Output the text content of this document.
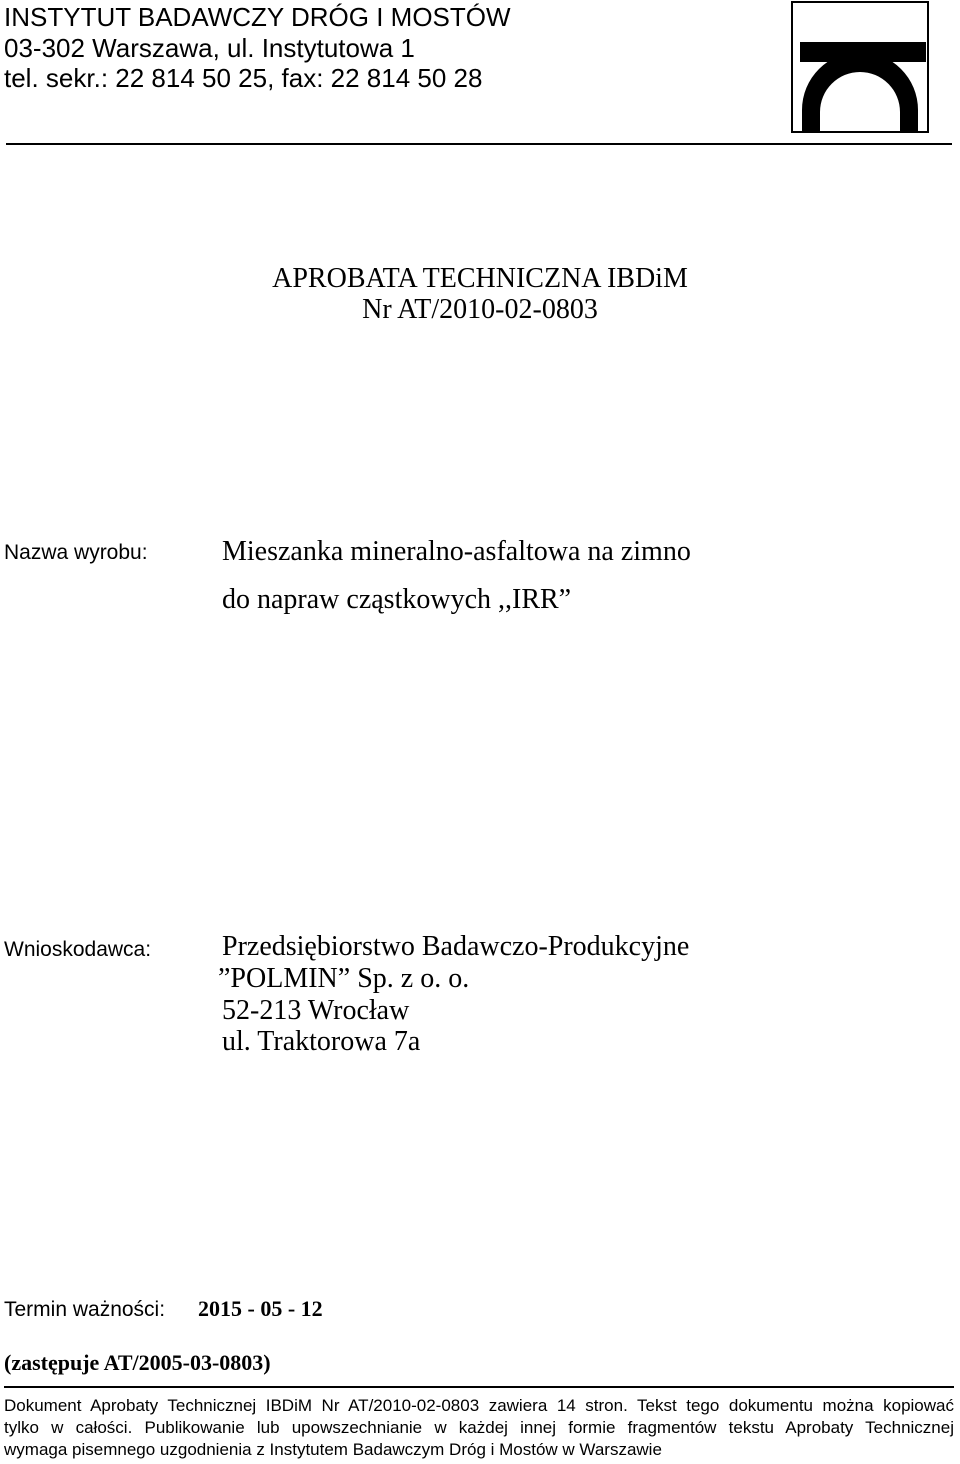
INSTYTUT BADAWCZY DRÓG I MOSTÓW
03-302 Warszawa, ul. Instytutowa 1
tel. sekr.: 22 814 50 25, fax: 22 814 50 28
APROBATA TECHNICZNA IBDiM
Nr AT/2010-02-0803
Nazwa wyrobu:	Mieszanka mineralno-asfaltowa na zimno
do napraw cząstkowych ,,IRR”
Wnioskodawca:	Przedsiębiorstwo Badawczo-Produkcyjne
”POLMIN” Sp. z o. o.
52-213 Wrocław
ul. Traktorowa 7a
Termin ważności: 2015 - 05 - 12
(zastępuje AT/2005-03-0803)
Dokument Aprobaty Technicznej IBDiM Nr AT/2010-02-0803 zawiera 14 stron. Tekst tego dokumentu można kopiować
tylko w całości. Publikowanie lub upowszechnianie w każdej innej formie fragmentów tekstu Aprobaty Technicznej
wymaga pisemnego uzgodnienia z Instytutem Badawczym Dróg i Mostów w Warszawie
